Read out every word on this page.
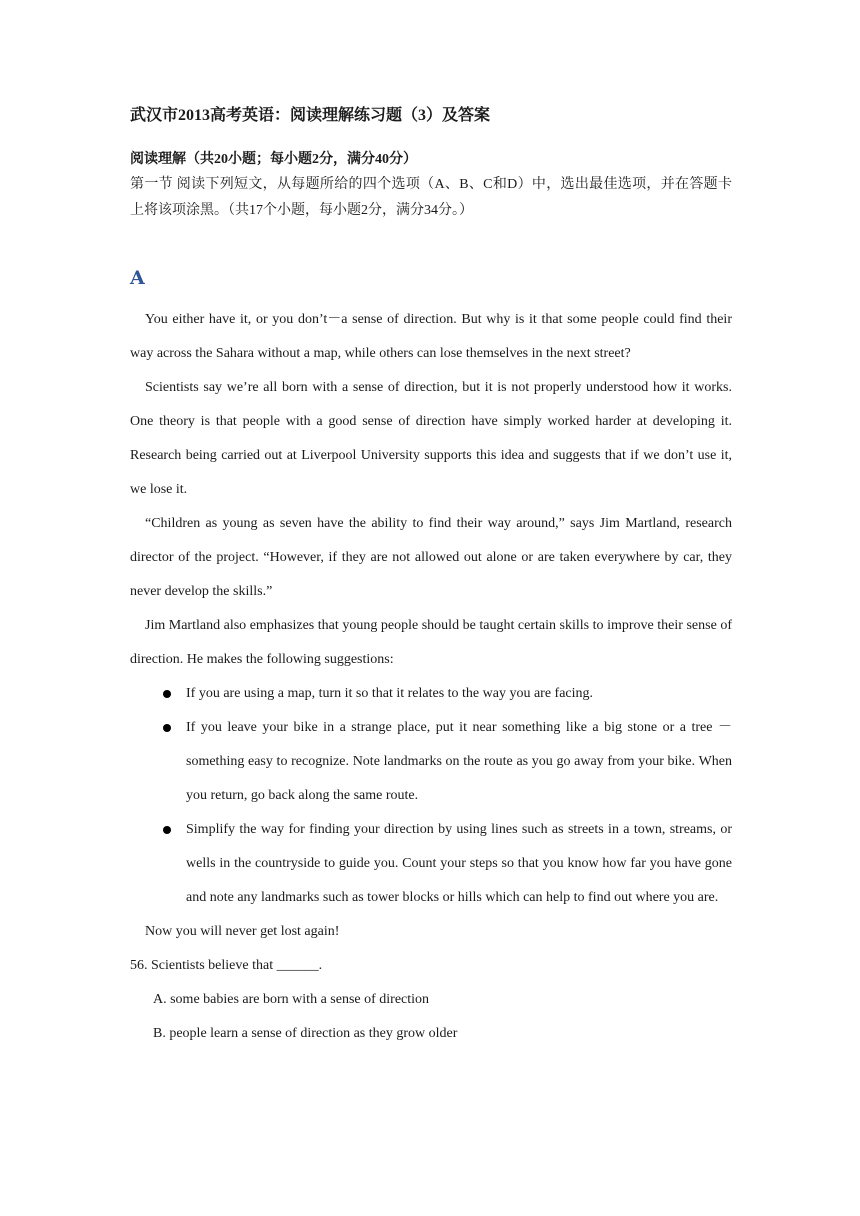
武汉市2013高考英语：阅读理解练习题（3）及答案
阅读理解（共20小题；每小题2分，满分40分）

第一节 阅读下列短文，从每题所给的四个选项（A、B、C和D）中，选出最佳选项，并在答题卡上将该项涂黑。（共17个小题，每小题2分，满分34分。）

A

You either have it, or you don’t－a sense of direction. But why is it that some people could find their way across the Sahara without a map, while others can lose themselves in the next street?

Scientists say we’re all born with a sense of direction, but it is not properly understood how it works. One theory is that people with a good sense of direction have simply worked harder at developing it. Research being carried out at Liverpool University supports this idea and suggests that if we don’t use it, we lose it.

“Children as young as seven have the ability to find their way around,” says Jim Martland, research director of the project. “However, if they are not allowed out alone or are taken everywhere by car, they never develop the skills.”

Jim Martland also emphasizes that young people should be taught certain skills to improve their sense of direction. He makes the following suggestions:

If you are using a map, turn it so that it relates to the way you are facing.
If you leave your bike in a strange place, put it near something like a big stone or a tree －something easy to recognize. Note landmarks on the route as you go away from your bike. When you return, go back along the same route.
Simplify the way for finding your direction by using lines such as streets in a town, streams, or wells in the countryside to guide you. Count your steps so that you know how far you have gone and note any landmarks such as tower blocks or hills which can help to find out where you are.

Now you will never get lost again!

56. Scientists believe that ______.

A. some babies are born with a sense of direction

B. people learn a sense of direction as they grow older
